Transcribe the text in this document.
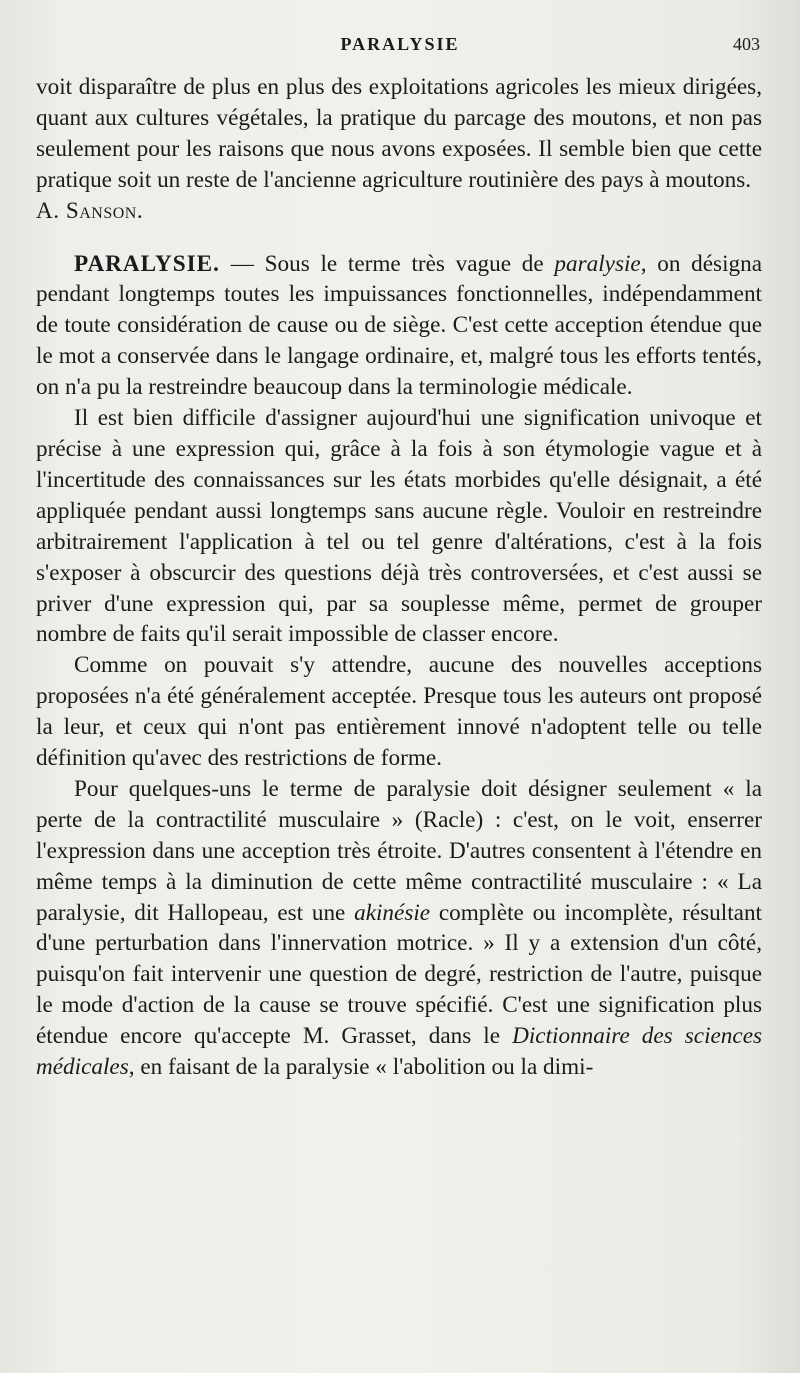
PARALYSIE	403

voit disparaître de plus en plus des exploitations agricoles les mieux dirigées, quant aux cultures végétales, la pratique du parcage des moutons, et non pas seulement pour les raisons que nous avons exposées. Il semble bien que cette pratique soit un reste de l'ancienne agriculture routinière des pays à moutons.

A. Sanson.

PARALYSIE. — Sous le terme très vague de paralysie, on désigna pendant longtemps toutes les impuissances fonctionnelles, indépendamment de toute considération de cause ou de siège. C'est cette acception étendue que le mot a conservée dans le langage ordinaire, et, malgré tous les efforts tentés, on n'a pu la restreindre beaucoup dans la terminologie médicale.

Il est bien difficile d'assigner aujourd'hui une signification univoque et précise à une expression qui, grâce à la fois à son étymologie vague et à l'incertitude des connaissances sur les états morbides qu'elle désignait, a été appliquée pendant aussi longtemps sans aucune règle. Vouloir en restreindre arbitrairement l'application à tel ou tel genre d'altérations, c'est à la fois s'exposer à obscurcir des questions déjà très controversées, et c'est aussi se priver d'une expression qui, par sa souplesse même, permet de grouper nombre de faits qu'il serait impossible de classer encore.

Comme on pouvait s'y attendre, aucune des nouvelles acceptions proposées n'a été généralement acceptée. Presque tous les auteurs ont proposé la leur, et ceux qui n'ont pas entièrement innové n'adoptent telle ou telle définition qu'avec des restrictions de forme.

Pour quelques-uns le terme de paralysie doit désigner seulement « la perte de la contractilité musculaire » (Racle) : c'est, on le voit, enserrer l'expression dans une acception très étroite. D'autres consentent à l'étendre en même temps à la diminution de cette même contractilité musculaire : « La paralysie, dit Hallopeau, est une akinésie complète ou incomplète, résultant d'une perturbation dans l'innervation motrice. » Il y a extension d'un côté, puisqu'on fait intervenir une question de degré, restriction de l'autre, puisque le mode d'action de la cause se trouve spécifié. C'est une signification plus étendue encore qu'accepte M. Grasset, dans le Dictionnaire des sciences médicales, en faisant de la paralysie « l'abolition ou la dimi-
